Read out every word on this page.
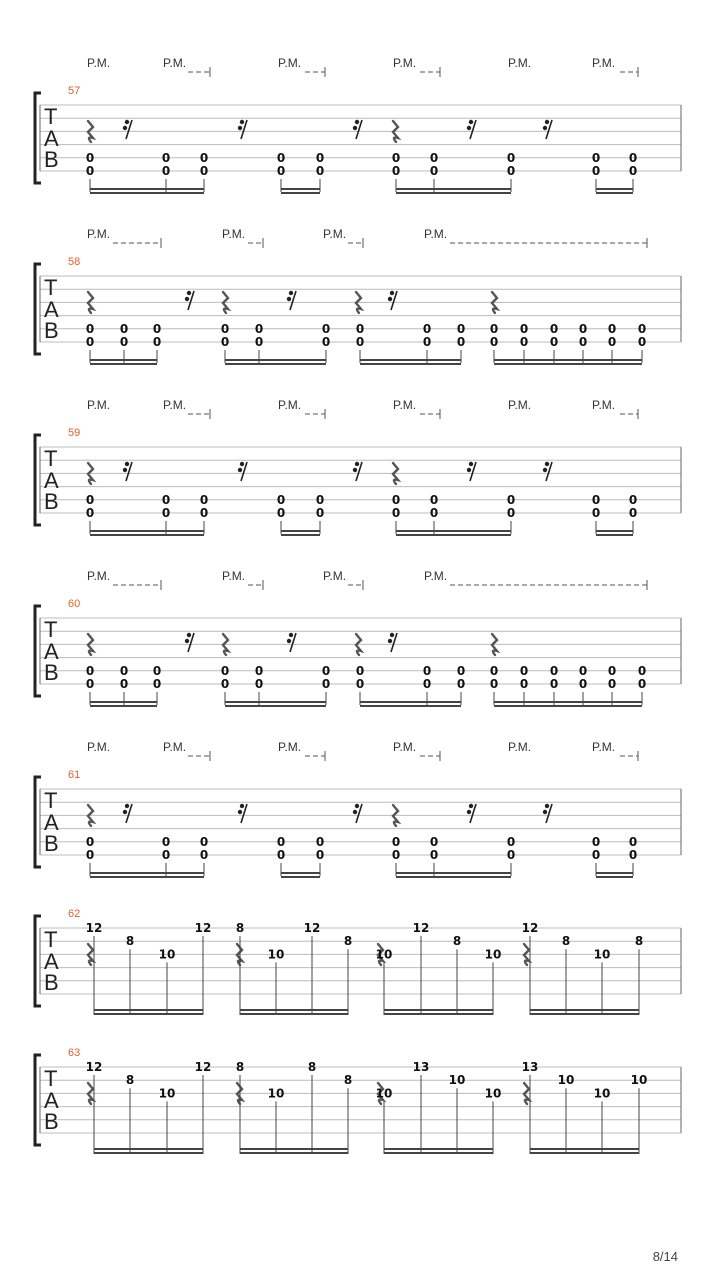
T
A
B
57
P.M.	P.M.	P.M.	P.M.	P.M.	P.M.
0
0
0
0
0
0
0
0
0
0
0
0
0
0
0
0
0
0
0
0
T
A
B
58
P.M.	P.M.	P.M.	P.M.
0
0
0
0
0
0
0
0
0
0
0
0
0
0
0
0
0
0
0
0
0
0
0
0
0
0
0
0
0
0
T
A
B
59
P.M.	P.M.	P.M.	P.M.	P.M.	P.M.
0
0
0
0
0
0
0
0
0
0
0
0
0
0
0
0
0
0
0
0
T
A
B
60
P.M.	P.M.	P.M.	P.M.
0
0
0
0
0
0
0
0
0
0
0
0
0
0
0
0
0
0
0
0
0
0
0
0
0
0
0
0
0
0
T
A
B
61
P.M.	P.M.	P.M.	P.M.	P.M.	P.M.
0
0
0
0
0
0
0
0
0
0
0
0
0
0
0
0
0
0
0
0
T
A
B
62
12
8
10
12 8
10
12
8
10
12
8
10
12
8
10
8
T
A
B
63
12
8
10
12 8
10
8
8
10
13
10
10
13
10
10
10
8/14
